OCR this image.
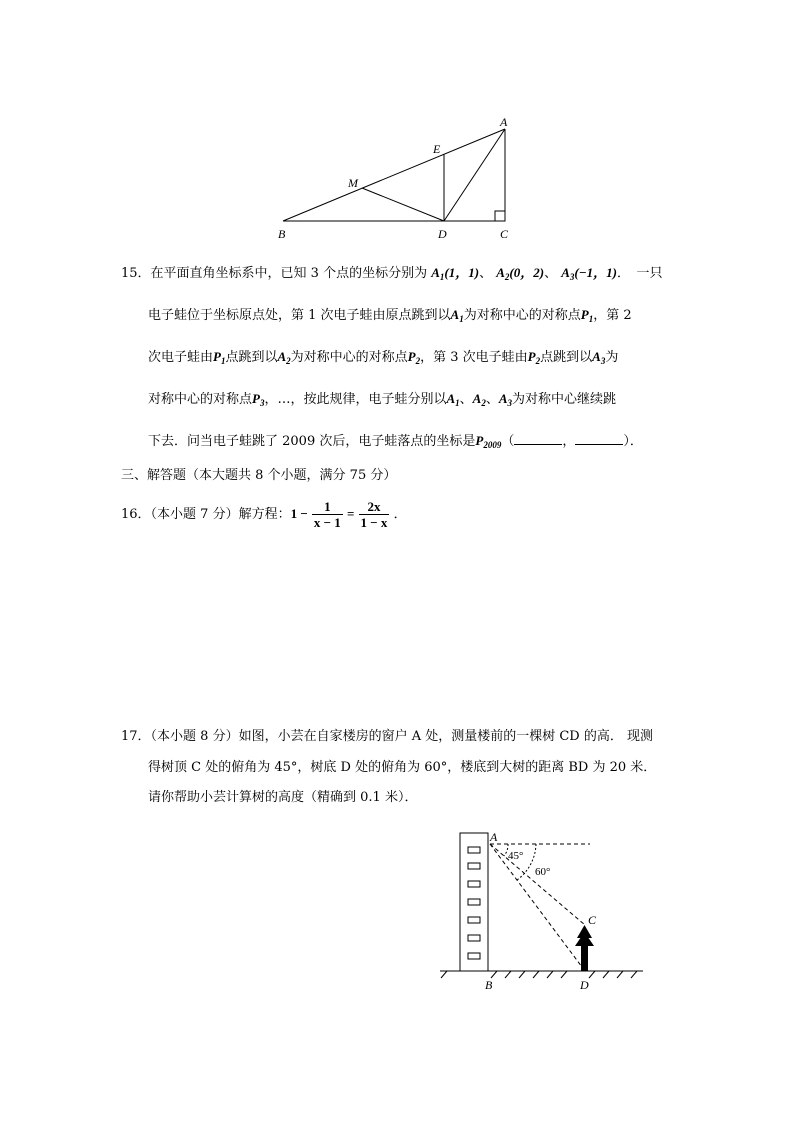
A
E
M
B	D	C
15．在平面直角坐标系中，已知 3 个点的坐标分别为 $A_1(1$，1)、 $A_2(0$，2)、 $A_3(-1$，1)．　一只
电子蛙位于坐标原点处，第 1 次电子蛙由原点跳到以$A_1$为对称中心的对称点$P_1$，第 2
次电子蛙由$P_1$点跳到以$A_2$为对称中心的对称点$P_2$，第 3 次电子蛙由$P_2$点跳到以$A_3$为
对称中心的对称点$P_3$，…，按此规律，电子蛙分别以$A_1$、$A_2$、$A_3$为对称中心继续跳
下去．问当电子蛙跳了 2009 次后，电子蛙落点的坐标是$P_{2009}$（	，	）．
三、解答题（本大题共 8 个小题，满分 75 分）
16．（本小题 7 分）解方程：$1 - \frac{1}{x - 1} = \frac{2x}{1 - x}$ ．
17．（本小题 8 分）如图，小芸在自家楼房的窗户 A 处，测量楼前的一棵树 CD 的高． 现测
得树顶 C 处的俯角为 45°，树底 D 处的俯角为 60°，楼底到大树的距离 BD 为 20 米．
请你帮助小芸计算树的高度（精确到 0.1 米）．
A
C
B	D
45°
60°
